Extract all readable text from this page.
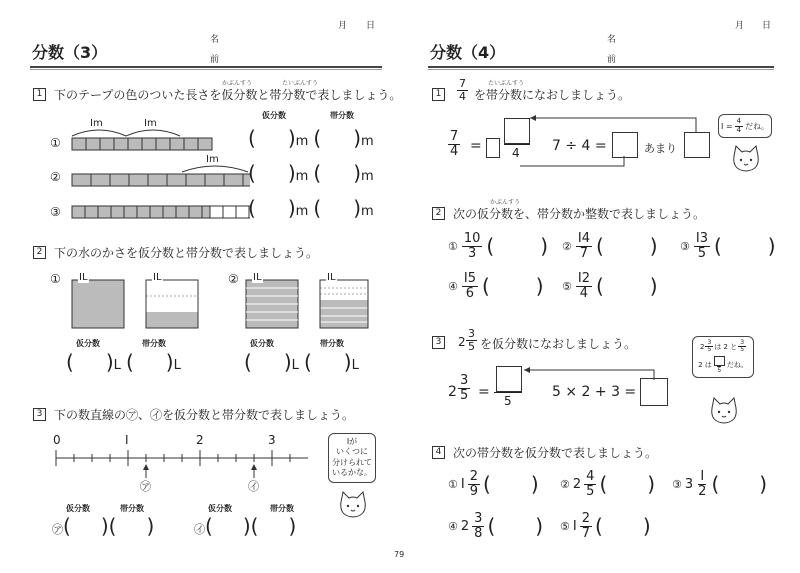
月 日
分数（3）
名
前
1 下のテープの色のついた長さを仮分数と帯分数で表しましょう。
かぶんすう	たいぶんすう
仮分数	帯分数
Im	Im
Im
①
②
③
( )m ( )m
( )m ( )m
( )m ( )m
2 下の水のかさを仮分数と帯分数で表しましょう。
①	②
IL	IL	IL	IL
仮分数	帯分数	仮分数	帯分数
( )L ( )L	( )L ( )L
3 下の数直線の㋐、㋑を仮分数と帯分数で表しましょう。
0	I	2	3
㋐	㋑
Iが
いくつに
分けられて
いるかな。
仮分数	帯分数	仮分数	帯分数
㋐( )( )	㋑( )( )
79
月 日
分数（4）
名
前
1	$\frac{7}{4}$ を帯分数になおしましょう。
たいぶんすう
$\frac{7}{4}$ =	4 7 ÷ 4 =	あまり
$I = \frac{4}{4}$ だね。
2 次の仮分数を、帯分数か整数で表しましょう。
かぶんすう
① $\frac{10}{3}$ ( ) ② $\frac{I4}{7}$ ( ) ③ $\frac{I3}{5}$ ( )
④ $\frac{I5}{6}$ ( ) ⑤ $\frac{I2}{4}$ ( )
3	$2 \frac{3}{5}$ を仮分数になおしましょう。
$2 \frac{3}{5}$ =
5
5 × 2 + 3 =
$2 \frac{3}{5}$ は 2 と $\frac{3}{5}$
2 は
5
だね。
4 次の帯分数を仮分数で表しましょう。
① I $\frac{2}{9}$ ( ) ② $2 \frac{4}{5}$ ( ) ③ $3 \frac{I}{2}$ ( )
④ $2 \frac{3}{8}$ ( ) ⑤ I $\frac{2}{7}$ ( )
